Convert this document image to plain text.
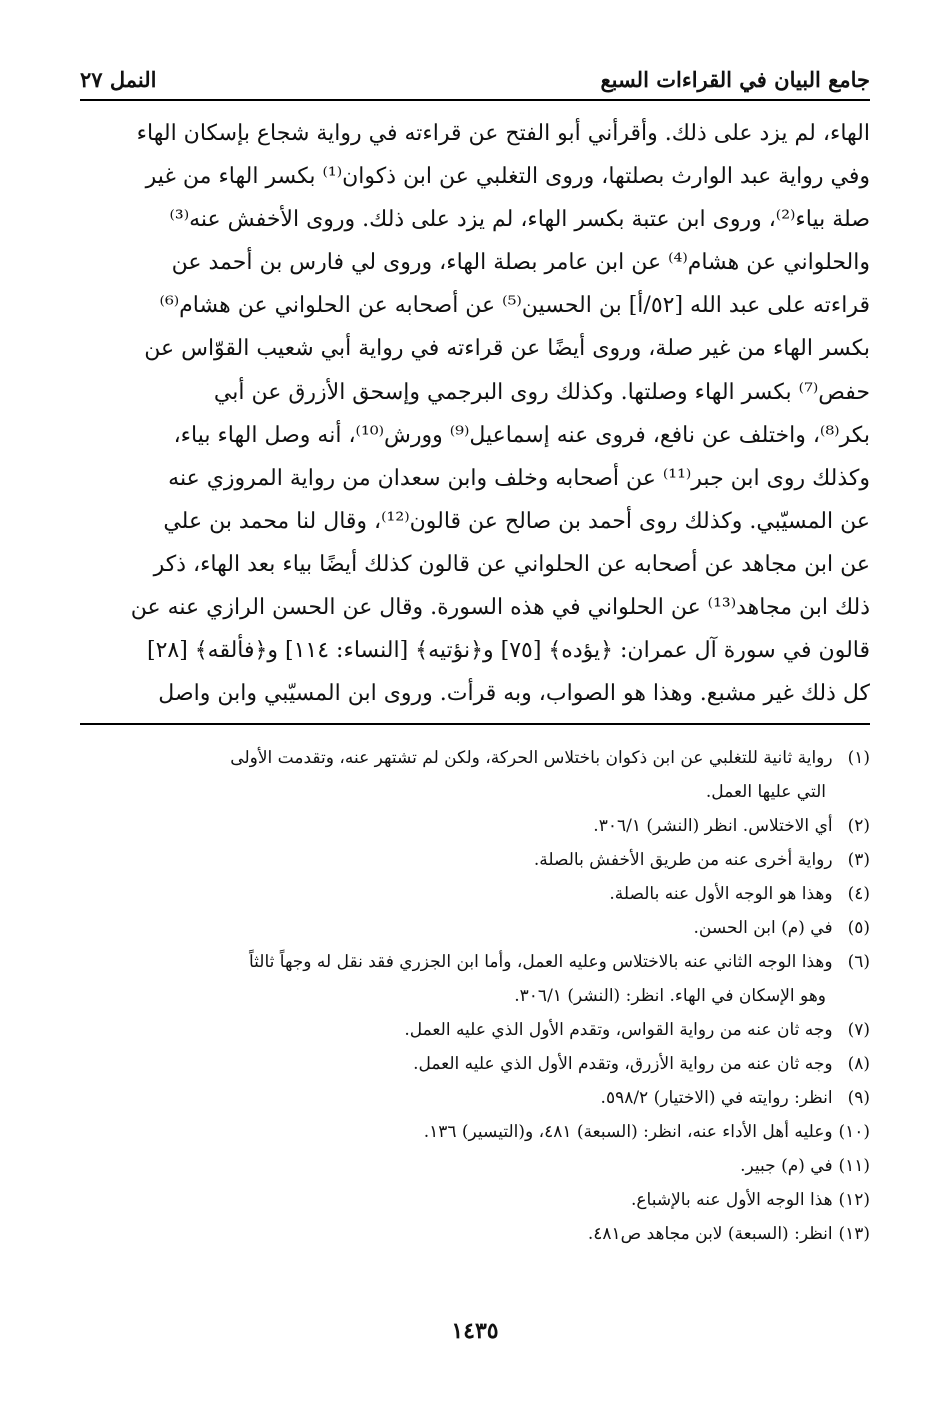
جامع البيان في القراءات السبع
النمل ٢٧
الهاء، لم يزد على ذلك. وأقرأني أبو الفتح عن قراءته في رواية شجاع بإسكان الهاء
وفي رواية عبد الوارث بصلتها، وروى التغلبي عن ابن ذكوان⁽¹⁾ بكسر الهاء من غير
صلة بياء⁽²⁾، وروى ابن عتبة بكسر الهاء، لم يزد على ذلك. وروى الأخفش عنه⁽³⁾
والحلواني عن هشام⁽⁴⁾ عن ابن عامر بصلة الهاء، وروى لي فارس بن أحمد عن
قراءته على عبد الله [٥٢/أ] بن الحسين⁽⁵⁾ عن أصحابه عن الحلواني عن هشام⁽⁶⁾
بكسر الهاء من غير صلة، وروى أيضًا عن قراءته في رواية أبي شعيب القوّاس عن
حفص⁽⁷⁾ بكسر الهاء وصلتها. وكذلك روى البرجمي وإسحق الأزرق عن أبي
بكر⁽⁸⁾، واختلف عن نافع، فروى عنه إسماعيل⁽⁹⁾ وورش⁽¹⁰⁾، أنه وصل الهاء بياء،
وكذلك روى ابن جبر⁽¹¹⁾ عن أصحابه وخلف وابن سعدان من رواية المروزي عنه
عن المسيّبي. وكذلك روى أحمد بن صالح عن قالون⁽¹²⁾، وقال لنا محمد بن علي
عن ابن مجاهد عن أصحابه عن الحلواني عن قالون كذلك أيضًا بياء بعد الهاء، ذكر
ذلك ابن مجاهد⁽¹³⁾ عن الحلواني في هذه السورة. وقال عن الحسن الرازي عنه عن
قالون في سورة آل عمران: ﴿يؤده﴾ [٧٥] و﴿نؤتيه﴾ [النساء: ١١٤] و﴿فألقه﴾ [٢٨]
كل ذلك غير مشبع. وهذا هو الصواب، وبه قرأت. وروى ابن المسيّبي وابن واصل
(١) رواية ثانية للتغلبي عن ابن ذكوان باختلاس الحركة، ولكن لم تشتهر عنه، وتقدمت الأولى
التي عليها العمل.
(٢) أي الاختلاس. انظر (النشر) ٣٠٦/١.
(٣) رواية أخرى عنه من طريق الأخفش بالصلة.
(٤) وهذا هو الوجه الأول عنه بالصلة.
(٥) في (م) ابن الحسن.
(٦) وهذا الوجه الثاني عنه بالاختلاس وعليه العمل، وأما ابن الجزري فقد نقل له وجهاً ثالثاً
وهو الإسكان في الهاء. انظر: (النشر) ٣٠٦/١.
(٧) وجه ثان عنه من رواية القواس، وتقدم الأول الذي عليه العمل.
(٨) وجه ثان عنه من رواية الأزرق، وتقدم الأول الذي عليه العمل.
(٩) انظر: روايته في (الاختيار) ٥٩٨/٢.
(١٠) وعليه أهل الأداء عنه، انظر: (السبعة) ٤٨١، و(التيسير) ١٣٦.
(١١) في (م) جبير.
(١٢) هذا الوجه الأول عنه بالإشباع.
(١٣) انظر: (السبعة) لابن مجاهد ص٤٨١.
١٤٣٥
